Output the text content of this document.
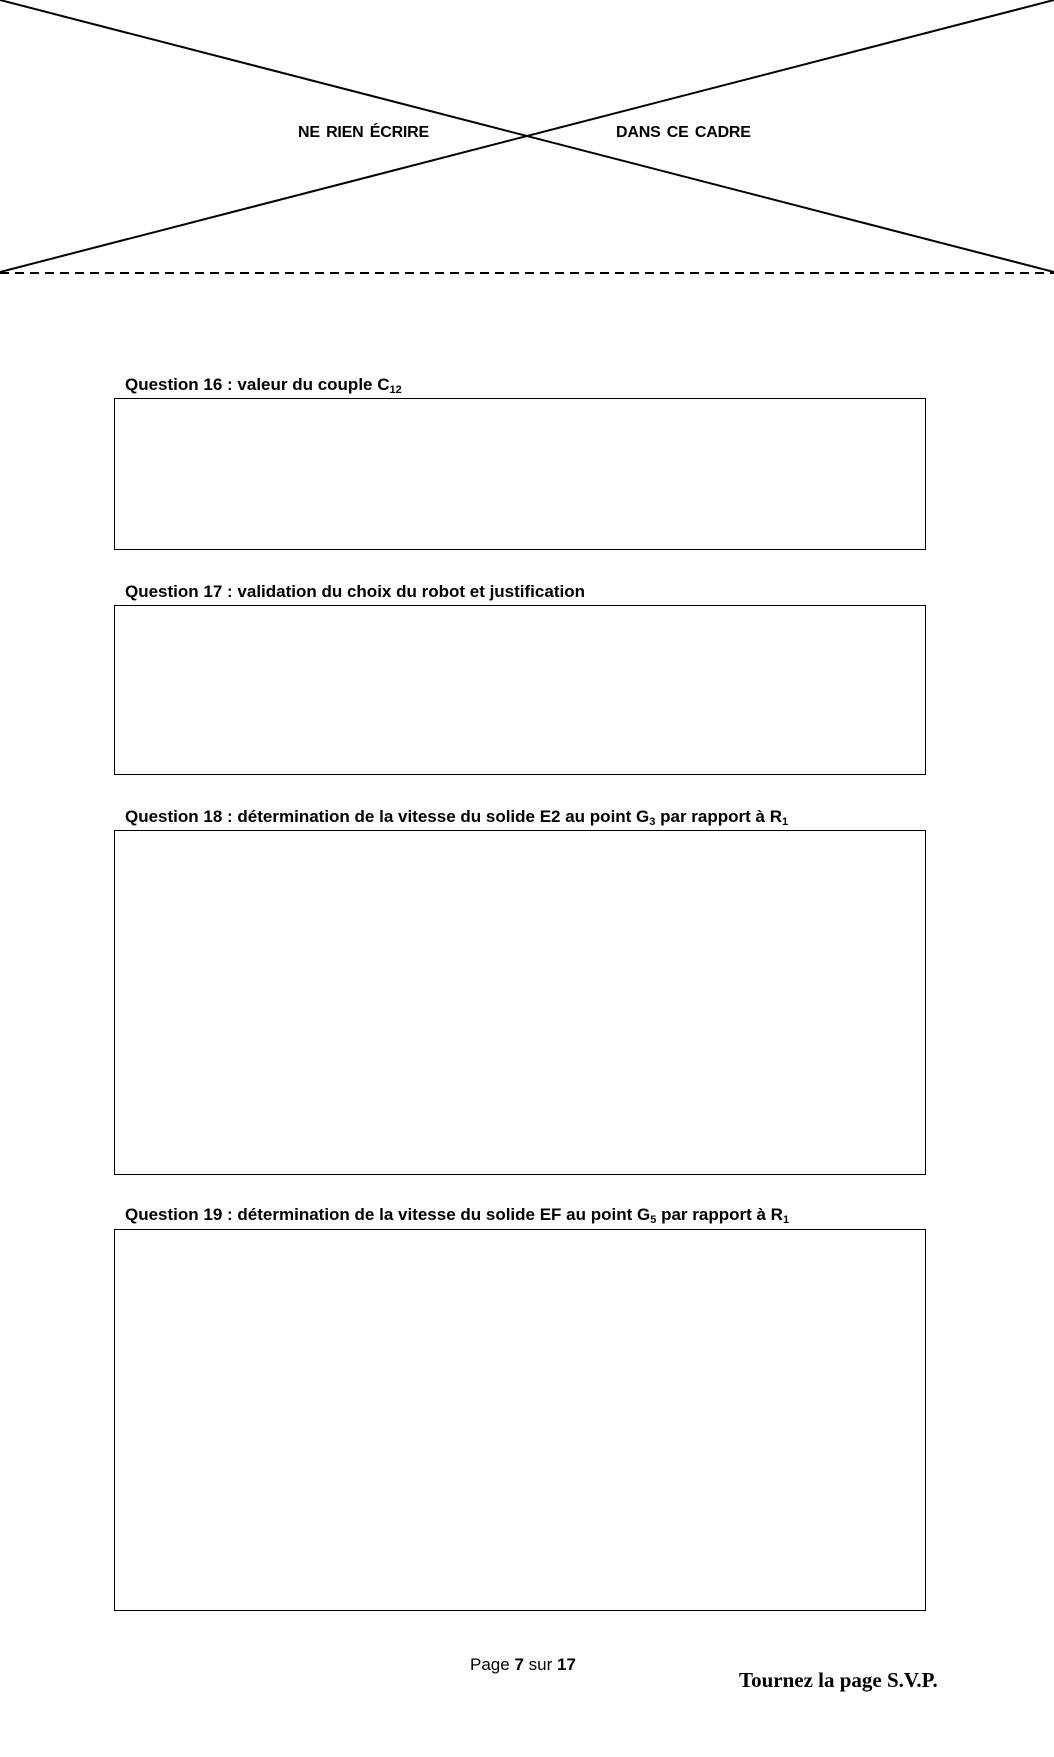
NE RIEN ÉCRIRE	DANS CE CADRE
Question 16 : valeur du couple $C_{12}$
Question 17 : validation du choix du robot et justification
Question 18 : détermination de la vitesse du solide E2 au point $G_3$ par rapport à $R_1$
Question 19 : détermination de la vitesse du solide EF au point $G_5$ par rapport à $R_1$
Page 7 sur 17
Tournez la page S.V.P.
